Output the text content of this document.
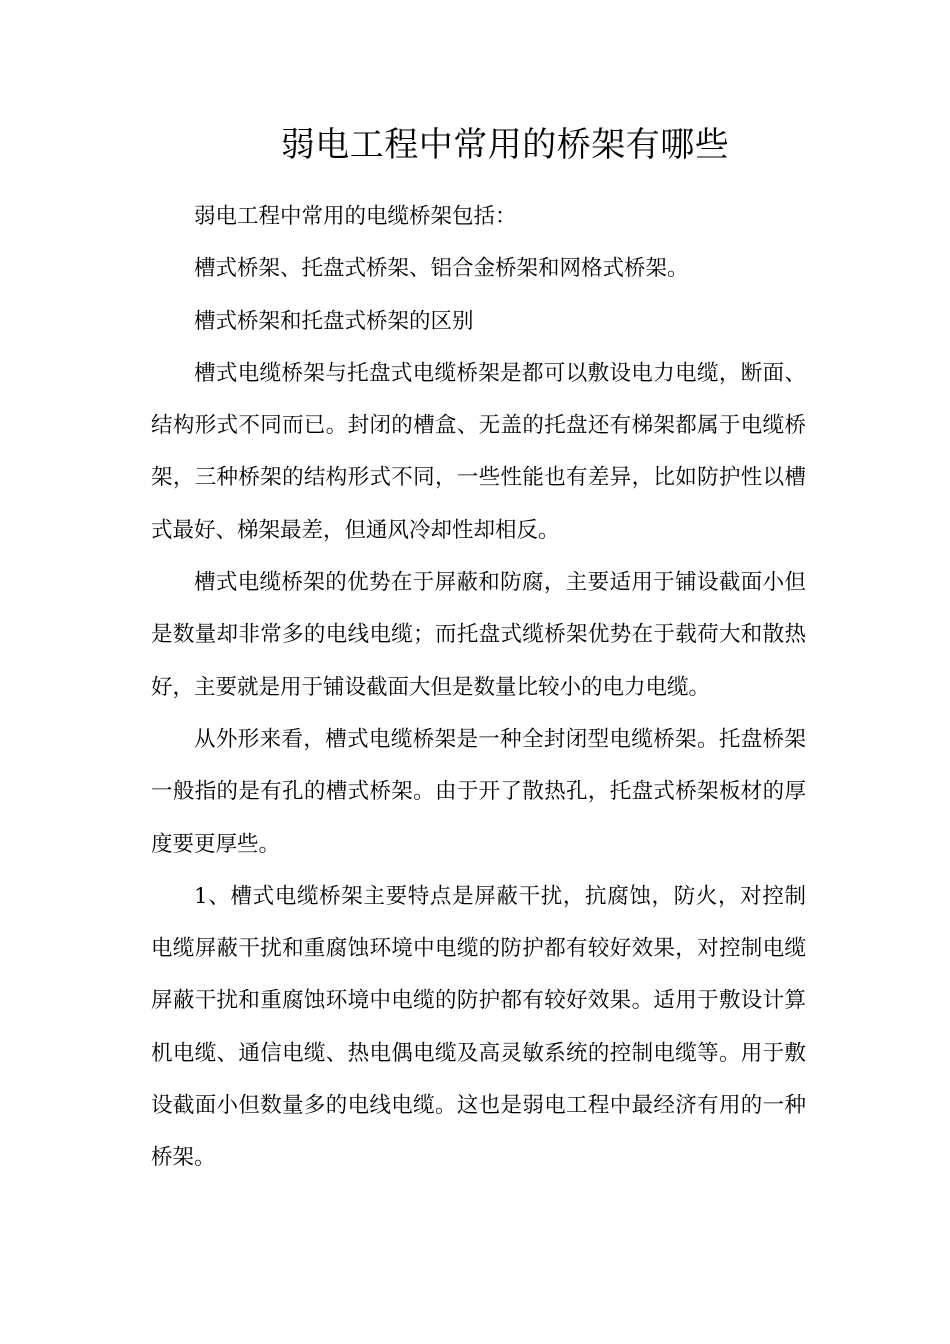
弱电工程中常用的桥架有哪些

弱电工程中常用的电缆桥架包括：

槽式桥架、托盘式桥架、铝合金桥架和网格式桥架。

槽式桥架和托盘式桥架的区别

槽式电缆桥架与托盘式电缆桥架是都可以敷设电力电缆，断面、结构形式不同而已。封闭的槽盒、无盖的托盘还有梯架都属于电缆桥架，三种桥架的结构形式不同，一些性能也有差异，比如防护性以槽式最好、梯架最差，但通风冷却性却相反。

槽式电缆桥架的优势在于屏蔽和防腐，主要适用于铺设截面小但是数量却非常多的电线电缆；而托盘式缆桥架优势在于载荷大和散热好，主要就是用于铺设截面大但是数量比较小的电力电缆。

从外形来看，槽式电缆桥架是一种全封闭型电缆桥架。托盘桥架一般指的是有孔的槽式桥架。由于开了散热孔，托盘式桥架板材的厚度要更厚些。

1、槽式电缆桥架主要特点是屏蔽干扰，抗腐蚀，防火，对控制电缆屏蔽干扰和重腐蚀环境中电缆的防护都有较好效果，对控制电缆屏蔽干扰和重腐蚀环境中电缆的防护都有较好效果。适用于敷设计算机电缆、通信电缆、热电偶电缆及高灵敏系统的控制电缆等。用于敷设截面小但数量多的电线电缆。这也是弱电工程中最经济有用的一种桥架。
